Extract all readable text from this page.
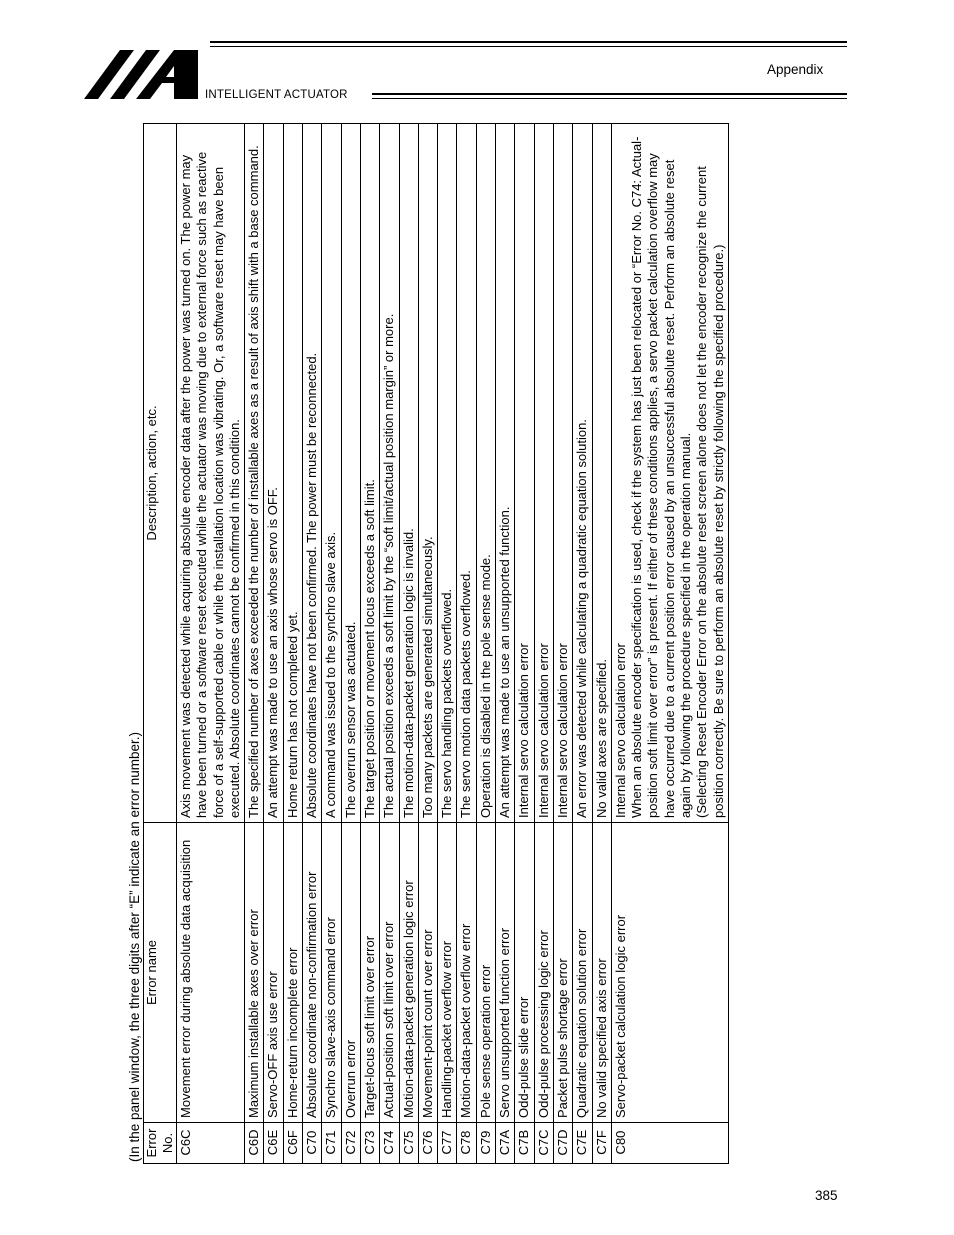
INTELLIGENT ACTUATOR
Appendix
(In the panel window, the three digits after “E” indicate an error number.) Error No.	Error name	Description, action, etc.
C6C	Movement error during absolute data acquisition	Axis movement was detected while acquiring absolute encoder data after the power was turned on. The power may have been turned or a software reset executed while the actuator was moving due to external force such as reactive force of a self-supported cable or while the installation location was vibrating. Or, a software reset may have been executed. Absolute coordinates cannot be confirmed in this condition.

C6D	Maximum installable axes over error	The specified number of axes exceeded the number of installable axes as a result of axis shift with a base command.

C6E	Servo-OFF axis use error	An attempt was made to use an axis whose servo is OFF.

C6F	Home-return incomplete error	Home return has not completed yet.

C70	Absolute coordinate non-confirmation error	Absolute coordinates have not been confirmed. The power must be reconnected.

C71	Synchro slave-axis command error	A command was issued to the synchro slave axis.

C72	Overrun error	The overrun sensor was actuated.

C73	Target-locus soft limit over error	The target position or movement locus exceeds a soft limit.

C74	Actual-position soft limit over error	The actual position exceeds a soft limit by the “soft limit/actual position margin” or more.

C75	Motion-data-packet generation logic error	The motion-data-packet generation logic is invalid.

C76	Movement-point count over error	Too many packets are generated simultaneously.

C77	Handling-packet overflow error	The servo handling packets overflowed.

C78	Motion-data-packet overflow error	The servo motion data packets overflowed.

C79	Pole sense operation error	Operation is disabled in the pole sense mode.

C7A	Servo unsupported function error	An attempt was made to use an unsupported function.

C7B	Odd-pulse slide error	Internal servo calculation error

C7C	Odd-pulse processing logic error	Internal servo calculation error

C7D	Packet pulse shortage error	Internal servo calculation error

C7E	Quadratic equation solution error	An error was detected while calculating a quadratic equation solution.

C7F	No valid specified axis error	No valid axes are specified.

C80	Servo-packet calculation logic error	Internal servo calculation error When an absolute encoder specification is used, check if the system has just been relocated or “Error No. C74: Actual-position soft limit over error” is present. If either of these conditions applies, a servo packet calculation overflow may have occurred due to a current position error caused by an unsuccessful absolute reset. Perform an absolute reset again by following the procedure specified in the operation manual. (Selecting Reset Encoder Error on the absolute reset screen alone does not let the encoder recognize the current position correctly. Be sure to perform an absolute reset by strictly following the specified procedure.)
385
